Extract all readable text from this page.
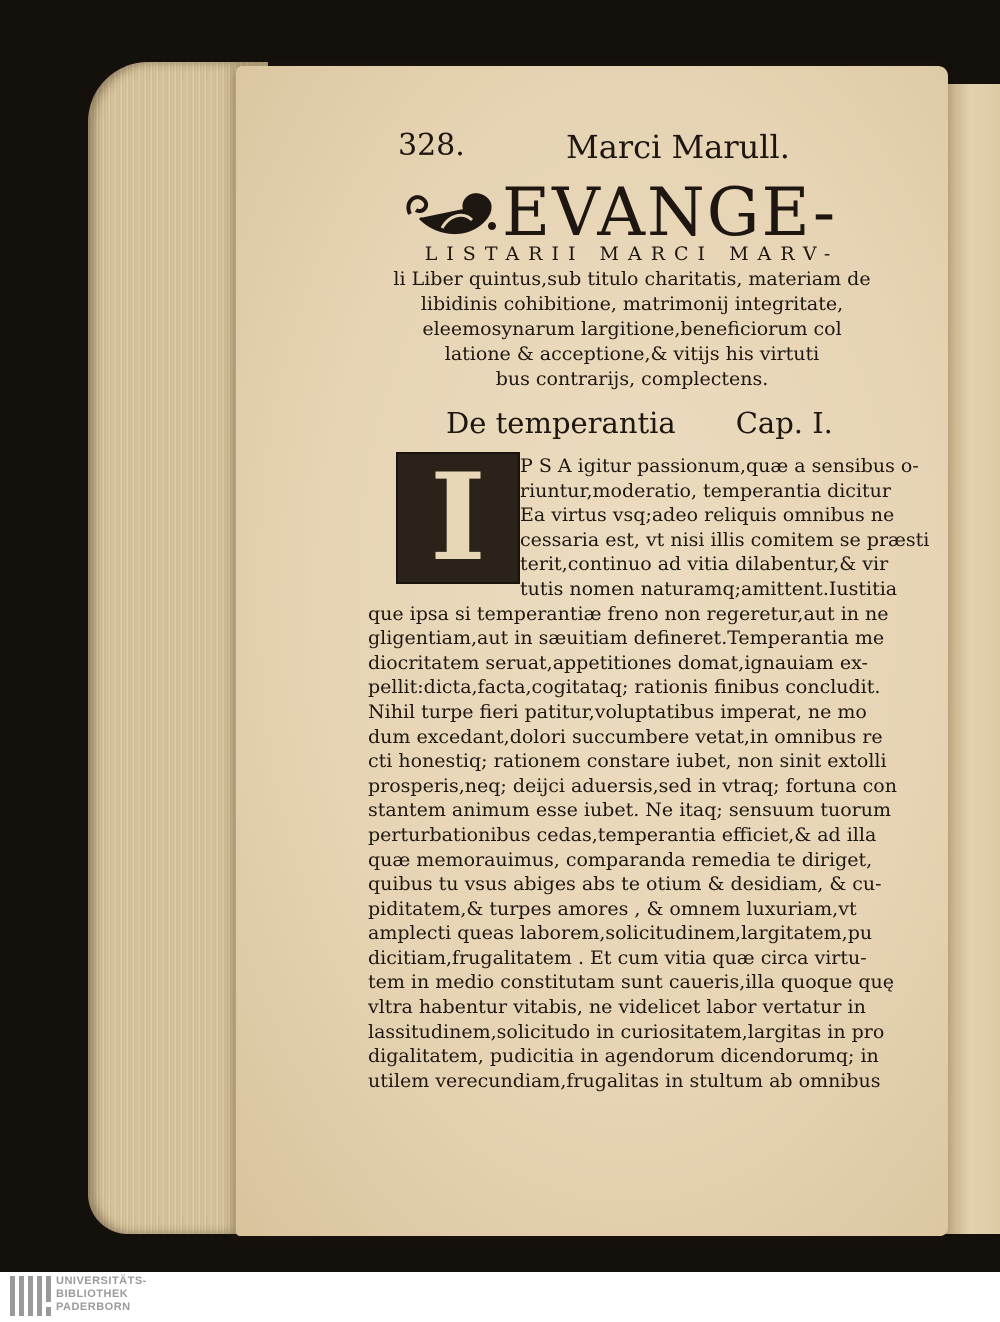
328.	Marci Marull.
EVANGE-
LISTARII MARCI MARV-
li Liber quintus,sub titulo charitatis, materiam de
libidinis cohibitione, matrimonij integritate,
eleemosynarum largitione,beneficiorum col
latione & acceptione,& vitijs his virtuti
bus contrarijs, complectens.
De temperantia Cap. I.
I	P S A igitur passionum,quæ a sensibus o-
riuntur,moderatio, temperantia dicitur
Ea virtus vsq;adeo reliquis omnibus ne
cessaria est, vt nisi illis comitem se præsti
terit,continuo ad vitia dilabentur,& vir
tutis nomen naturamq;amittent.Iustitia
que ipsa si temperantiæ freno non regeretur,aut in ne
gligentiam,aut in sæuitiam defineret.Temperantia me
diocritatem seruat,appetitiones domat,ignauiam ex-
pellit:dicta,facta,cogitataq; rationis finibus concludit.
Nihil turpe fieri patitur,voluptatibus imperat, ne mo
dum excedant,dolori succumbere vetat,in omnibus re
cti honestiq; rationem constare iubet, non sinit extolli
prosperis,neq; deijci aduersis,sed in vtraq; fortuna con
stantem animum esse iubet. Ne itaq; sensuum tuorum
perturbationibus cedas,temperantia efficiet,& ad illa
quæ memorauimus, comparanda remedia te diriget,
quibus tu vsus abiges abs te otium & desidiam, & cu-
piditatem,& turpes amores , & omnem luxuriam,vt
amplecti queas laborem,solicitudinem,largitatem,pu
dicitiam,frugalitatem . Et cum vitia quæ circa virtu-
tem in medio constitutam sunt caueris,illa quoque quę
vltra habentur vitabis, ne videlicet labor vertatur in
lassitudinem,solicitudo in curiositatem,largitas in pro
digalitatem, pudicitia in agendorum dicendorumq; in
utilem verecundiam,frugalitas in stultum ab omnibus
UNIVERSITÄTS-
BIBLIOTHEK
PADERBORN
